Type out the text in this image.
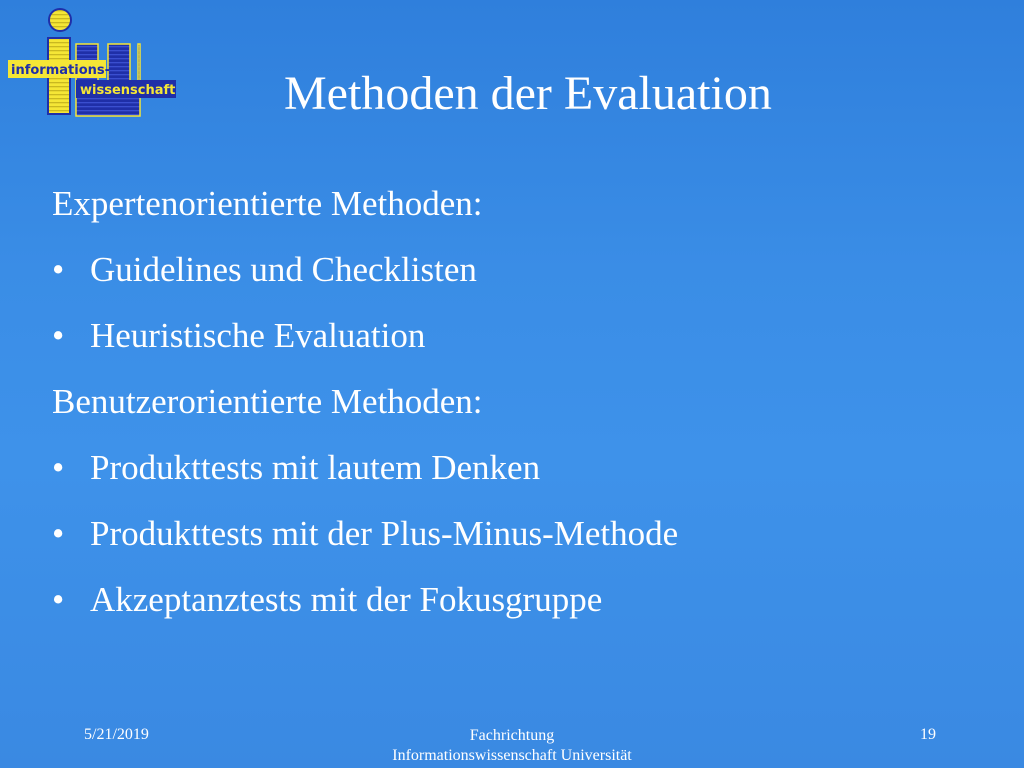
informations-
wissenschaft Methoden der Evaluation
Expertenorientierte Methoden:
• Guidelines und Checklisten
• Heuristische Evaluation
Benutzerorientierte Methoden:
• Produkttests mit lautem Denken
• Produkttests mit der Plus-Minus-Methode
• Akzeptanztests mit der Fokusgruppe
5/21/2019	Fachrichtung
Informationswissenschaft Universität
19
